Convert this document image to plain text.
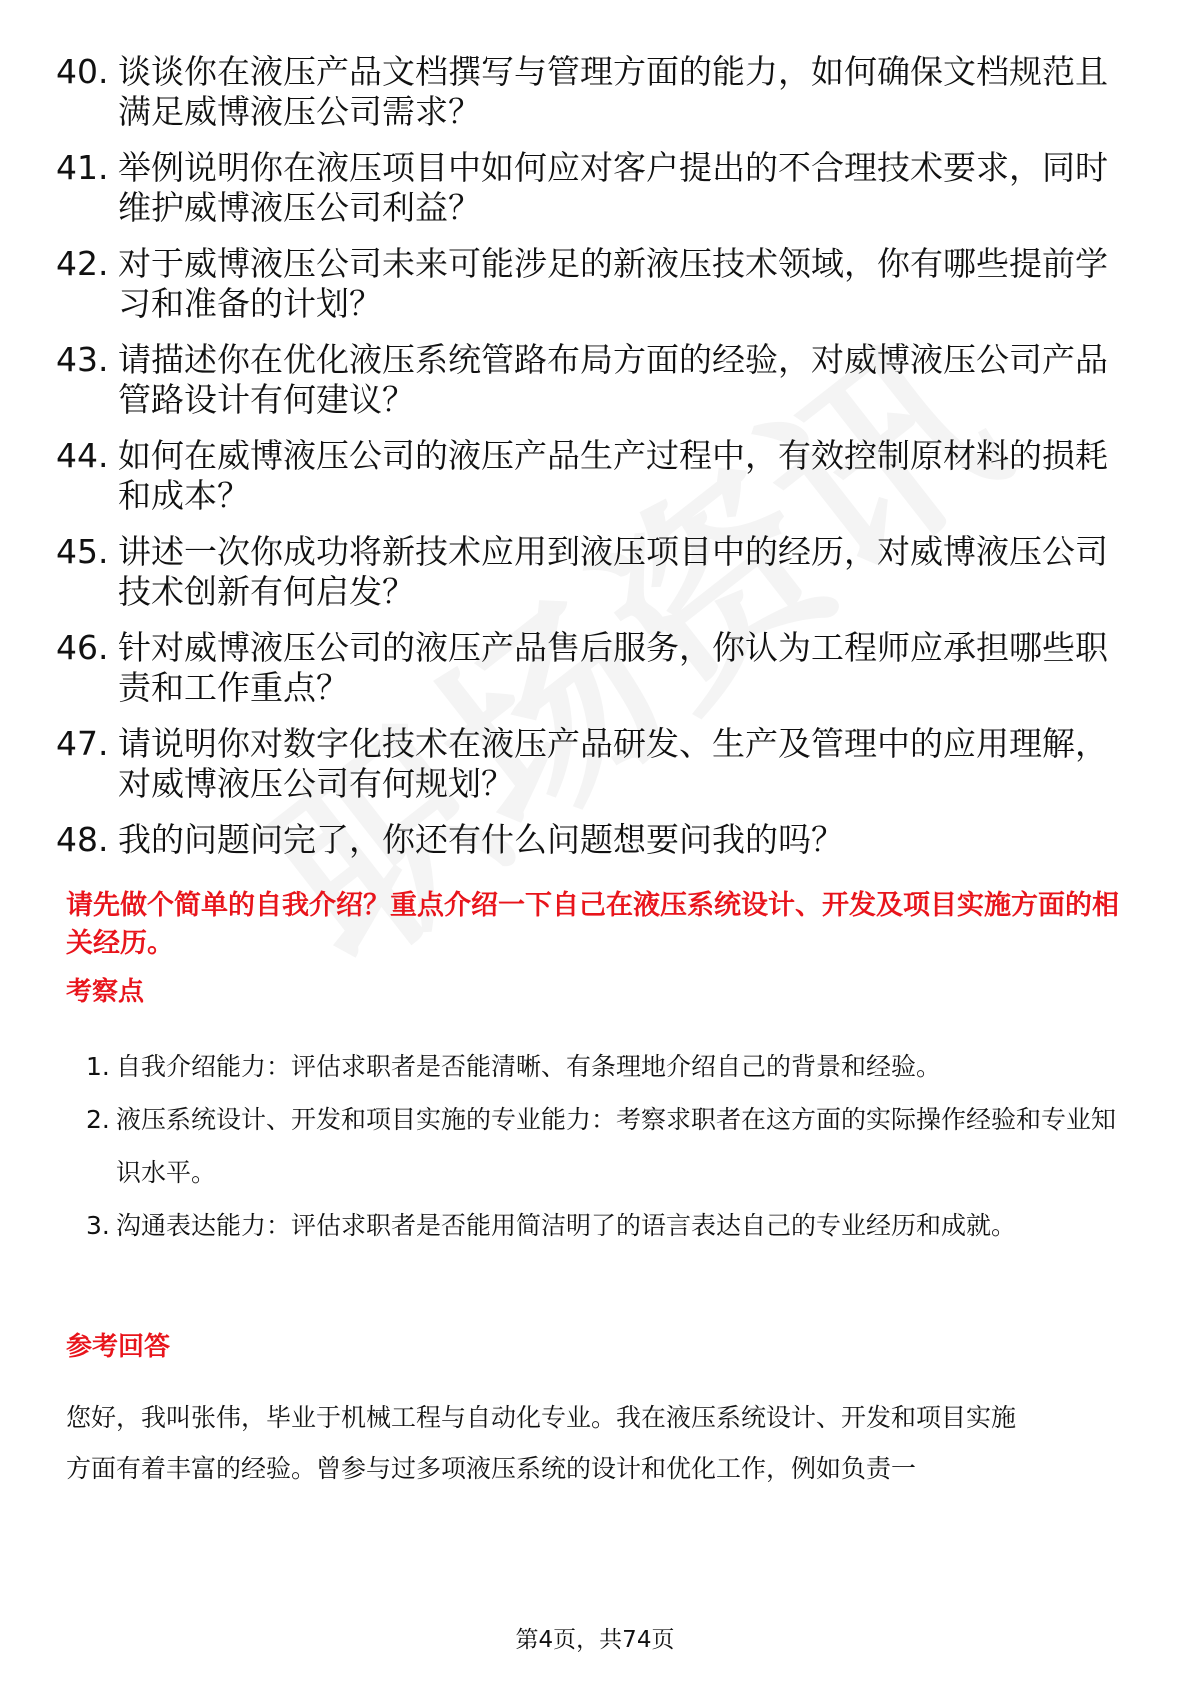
40. 谈谈你在液压产品文档撰写与管理方面的能力，如何确保文档规范且满足威博液压公司需求？
41. 举例说明你在液压项目中如何应对客户提出的不合理技术要求，同时维护威博液压公司利益？
42. 对于威博液压公司未来可能涉足的新液压技术领域，你有哪些提前学习和准备的计划？
43. 请描述你在优化液压系统管路布局方面的经验，对威博液压公司产品管路设计有何建议？
44. 如何在威博液压公司的液压产品生产过程中，有效控制原材料的损耗和成本？
45. 讲述一次你成功将新技术应用到液压项目中的经历，对威博液压公司技术创新有何启发？
46. 针对威博液压公司的液压产品售后服务，你认为工程师应承担哪些职责和工作重点？
47. 请说明你对数字化技术在液压产品研发、生产及管理中的应用理解，对威博液压公司有何规划？
48. 我的问题问完了，你还有什么问题想要问我的吗？
请先做个简单的自我介绍？重点介绍一下自己在液压系统设计、开发及项目实施方面的相关经历。
考察点
1. 自我介绍能力：评估求职者是否能清晰、有条理地介绍自己的背景和经验。
2. 液压系统设计、开发和项目实施的专业能力：考察求职者在这方面的实际操作经验和专业知识水平。
3. 沟通表达能力：评估求职者是否能用简洁明了的语言表达自己的专业经历和成就。
参考回答

您好，我叫张伟，毕业于机械工程与自动化专业。我在液压系统设计、开发和项目实施方面有着丰富的经验。曾参与过多项液压系统的设计和优化工作，例如负责一

第4页，共74页
